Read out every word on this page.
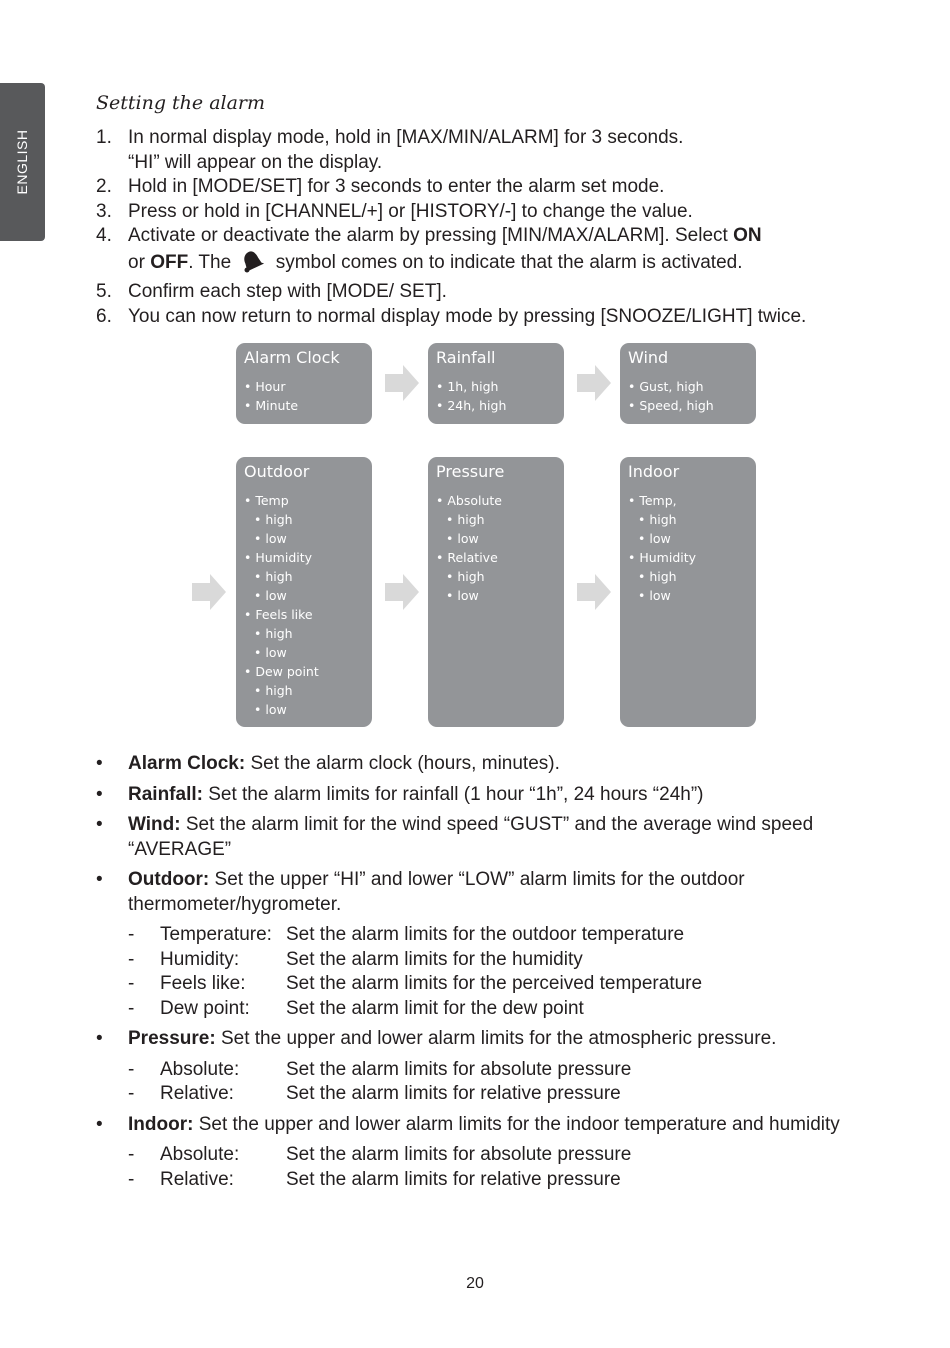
ENGLISH
Setting the alarm
1. In normal display mode, hold in [MAX/MIN/ALARM] for 3 seconds.
“HI” will appear on the display.
2. Hold in [MODE/SET] for 3 seconds to enter the alarm set mode.
3. Press or hold in [CHANNEL/+] or [HISTORY/-] to change the value.
4. Activate or deactivate the alarm by pressing [MIN/MAX/ALARM]. Select ON
or OFF. The  symbol comes on to indicate that the alarm is activated.
5. Confirm each step with [MODE/ SET].
6. You can now return to normal display mode by pressing [SNOOZE/LIGHT] twice.
Alarm Clock
• Hour
• Minute
Rainfall
• 1h, high
• 24h, high
Wind
• Gust, high
• Speed, high
Outdoor
• Temp
• high
• low
• Humidity
• high
• low
• Feels like
• high
• low
• Dew point
• high
• low
Pressure
• Absolute
• high
• low
• Relative
• high
• low
Indoor
• Temp,
• high
• low
• Humidity
• high
• low
•	Alarm Clock: Set the alarm clock (hours, minutes).
•	Rainfall: Set the alarm limits for rainfall (1 hour “1h”, 24 hours “24h”)
•	Wind: Set the alarm limit for the wind speed “GUST” and the average wind speed “AVERAGE”
•	Outdoor: Set the upper “HI” and lower “LOW” alarm limits for the outdoor thermometer/hygrometer.
-	Temperature: Set the alarm limits for the outdoor temperature
-	Humidity:	Set the alarm limits for the humidity
-	Feels like:	Set the alarm limits for the perceived temperature
-	Dew point:	Set the alarm limit for the dew point
•	Pressure: Set the upper and lower alarm limits for the atmospheric pressure.
-	Absolute:	Set the alarm limits for absolute pressure
-	Relative:	Set the alarm limits for relative pressure
•	Indoor: Set the upper and lower alarm limits for the indoor temperature and humidity
-	Absolute:	Set the alarm limits for absolute pressure
-	Relative:	Set the alarm limits for relative pressure
20
